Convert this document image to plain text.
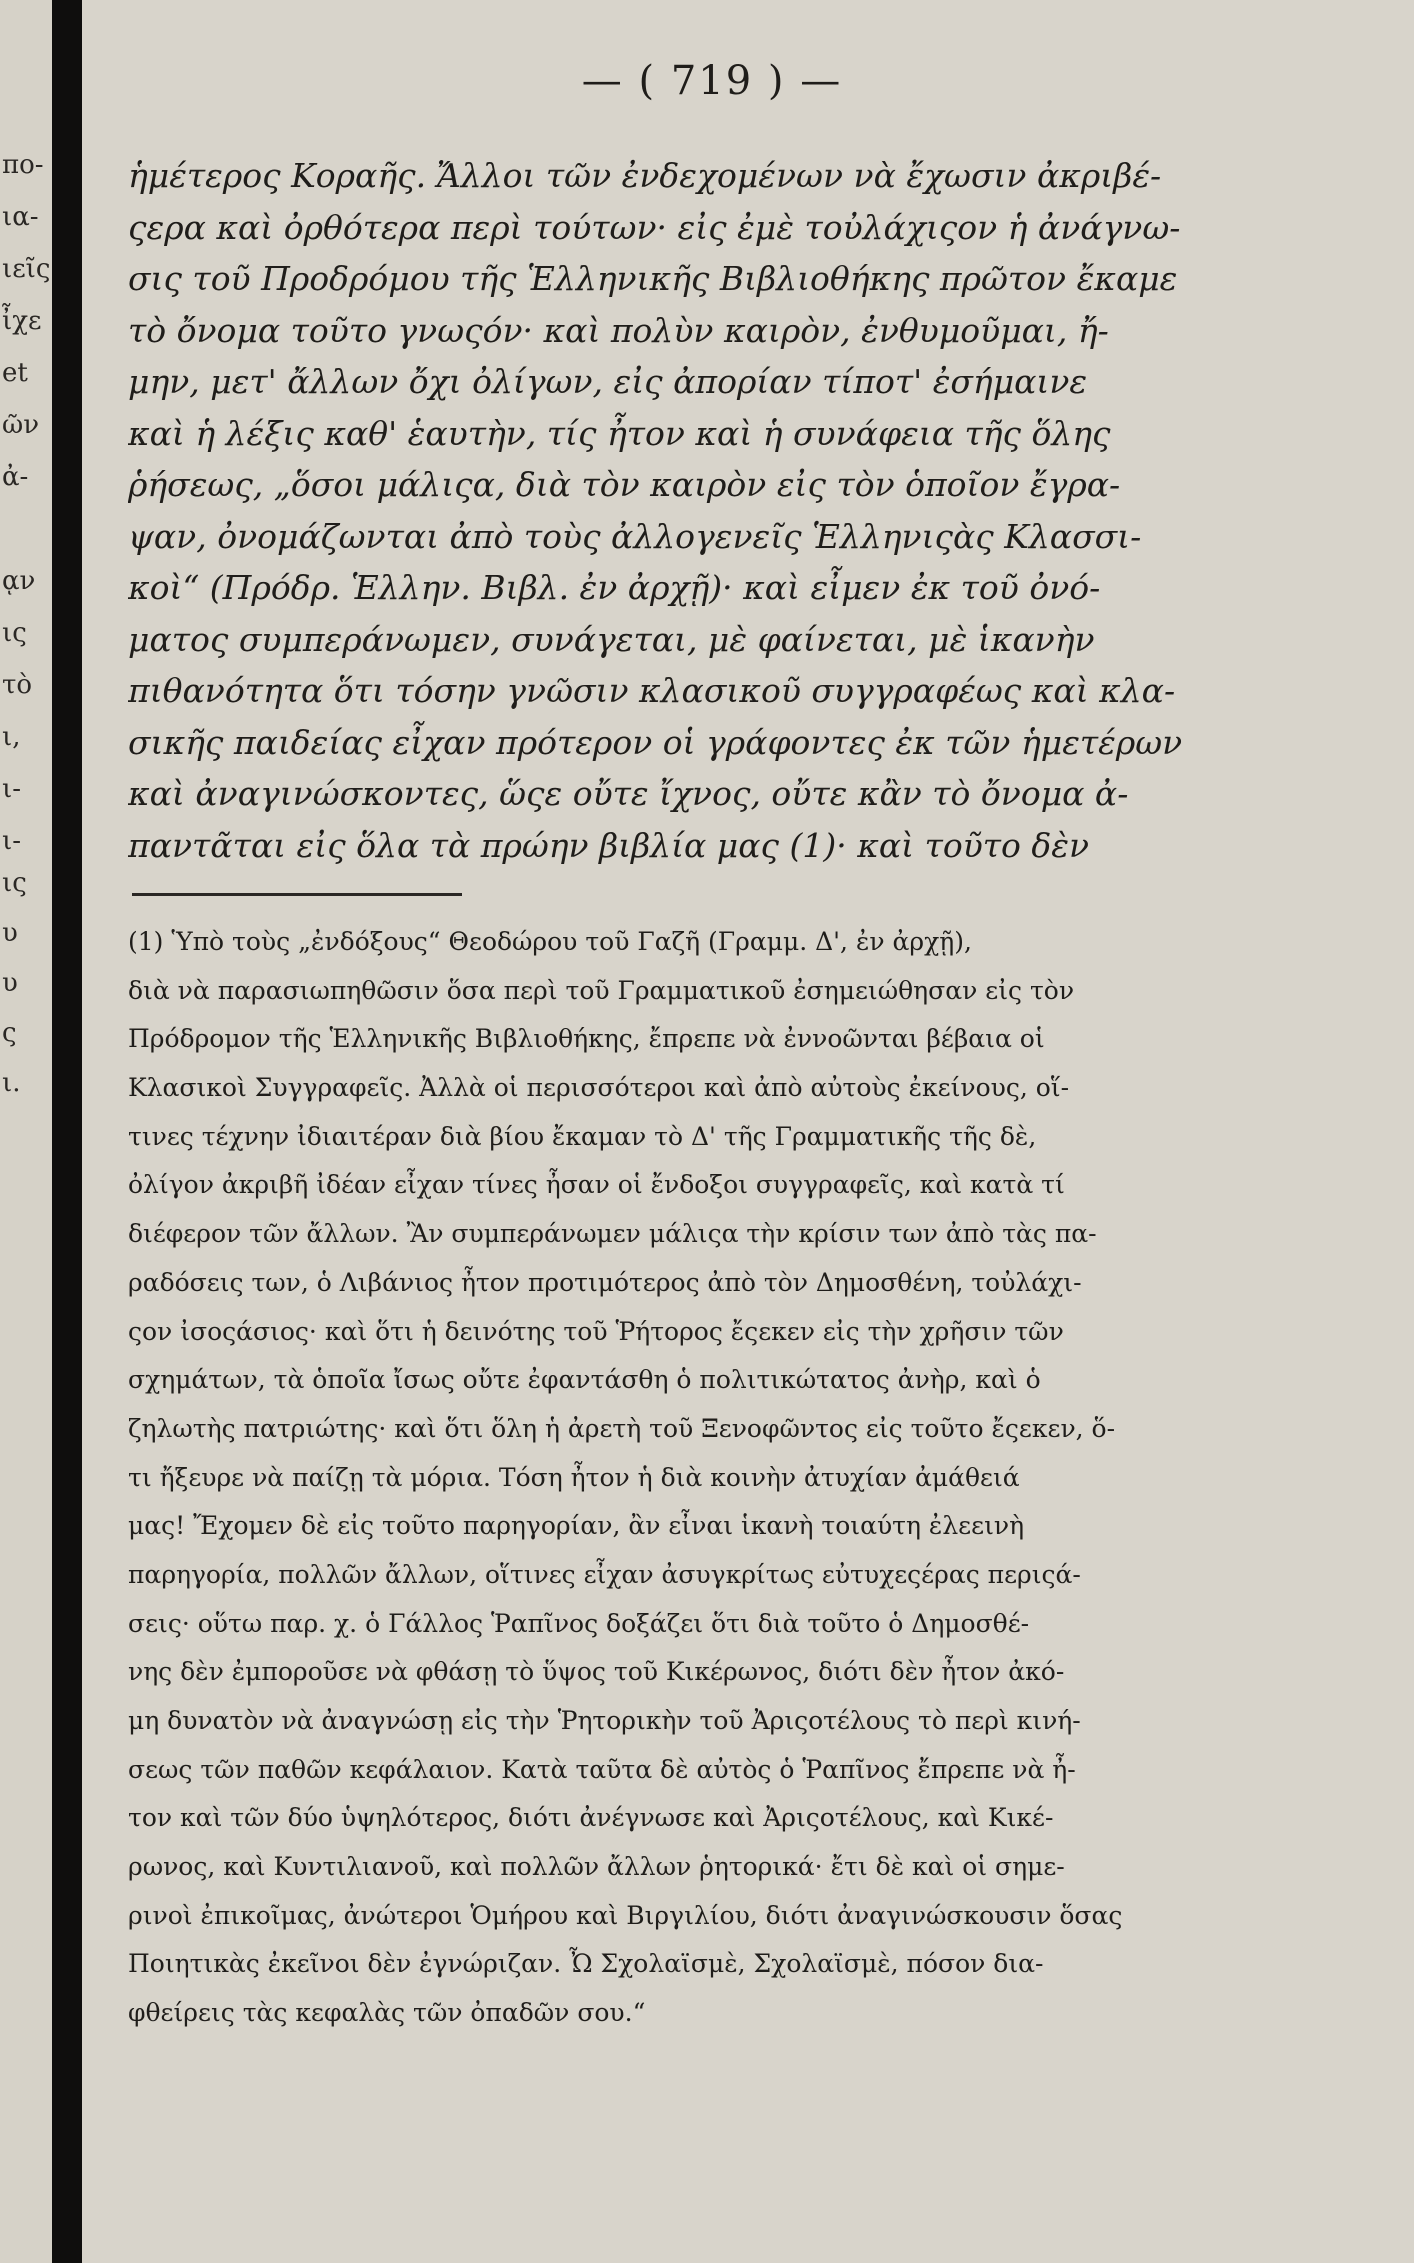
πο-
ια-
ιεῖς
ἶχε
et
ῶν
ἀ-
ᾳν
ις
τὸ
ι,
ι-
ι-
ις
υ
υ
ς
ι.
— ( 719 ) —
ἡμέτερος Κοραῆς. Ἄλλοι τῶν ἐνδεχομένων νὰ ἔχωσιν ἀκριβέ-
ςερα καὶ ὀρθότερα περὶ τούτων· εἰς ἐμὲ τοὐλάχιςον ἡ ἀνάγνω-
σις τοῦ Προδρόμου τῆς Ἑλληνικῆς Βιβλιοθήκης πρῶτον ἔκαμε
τὸ ὄνομα τοῦτο γνωςόν· καὶ πολὺν καιρὸν, ἐνθυμοῦμαι, ἤ-
μην, μετ' ἄλλων ὄχι ὀλίγων, εἰς ἀπορίαν τίποτ' ἐσήμαινε
καὶ ἡ λέξις καθ' ἑαυτὴν, τίς ἦτον καὶ ἡ συνάφεια τῆς ὅλης
ῥήσεως, „ὅσοι μάλιςα, διὰ τὸν καιρὸν εἰς τὸν ὁποῖον ἔγρα-
ψαν, ὀνομάζωνται ἀπὸ τοὺς ἀλλογενεῖς Ἑλληνιςὰς Κλασσι-
κοὶ“ (Πρόδρ. Ἑλλην. Βιβλ. ἐν ἀρχῇ)· καὶ εἶμεν ἐκ τοῦ ὀνό-
ματος συμπεράνωμεν, συνάγεται, μὲ φαίνεται, μὲ ἱκανὴν
πιθανότητα ὅτι τόσην γνῶσιν κλασικοῦ συγγραφέως καὶ κλα-
σικῆς παιδείας εἶχαν πρότερον οἱ γράφοντες ἐκ τῶν ἡμετέρων
καὶ ἀναγινώσκοντες, ὥςε οὔτε ἴχνος, οὔτε κἂν τὸ ὄνομα ἀ-
παντᾶται εἰς ὅλα τὰ πρώην βιβλία μας (1)· καὶ τοῦτο δὲν
(1) Ὑπὸ τοὺς „ἐνδόξους“ Θεοδώρου τοῦ Γαζῆ (Γραμμ. Δ', ἐν ἀρχῇ),
διὰ νὰ παρασιωπηθῶσιν ὅσα περὶ τοῦ Γραμματικοῦ ἐσημειώθησαν εἰς τὸν
Πρόδρομον τῆς Ἑλληνικῆς Βιβλιοθήκης, ἔπρεπε νὰ ἐννοῶνται βέβαια οἱ
Κλασικοὶ Συγγραφεῖς. Ἀλλὰ οἱ περισσότεροι καὶ ἀπὸ αὐτοὺς ἐκείνους, οἵ-
τινες τέχνην ἰδιαιτέραν διὰ βίου ἔκαμαν τὸ Δ' τῆς Γραμματικῆς τῆς δὲ,
ὀλίγον ἀκριβῆ ἰδέαν εἶχαν τίνες ἦσαν οἱ ἔνδοξοι συγγραφεῖς, καὶ κατὰ τί
διέφερον τῶν ἄλλων. Ἂν συμπεράνωμεν μάλιςα τὴν κρίσιν των ἀπὸ τὰς πα-
ραδόσεις των, ὁ Λιβάνιος ἦτον προτιμότερος ἀπὸ τὸν Δημοσθένη, τοὐλάχι-
ςον ἰσοςάσιος· καὶ ὅτι ἡ δεινότης τοῦ Ῥήτορος ἔςεκεν εἰς τὴν χρῆσιν τῶν
σχημάτων, τὰ ὁποῖα ἴσως οὔτε ἐφαντάσθη ὁ πολιτικώτατος ἀνὴρ, καὶ ὁ
ζηλωτὴς πατριώτης· καὶ ὅτι ὅλη ἡ ἀρετὴ τοῦ Ξενοφῶντος εἰς τοῦτο ἔςεκεν, ὅ-
τι ἤξευρε νὰ παίζῃ τὰ μόρια. Τόση ἦτον ἡ διὰ κοινὴν ἀτυχίαν ἀμάθειά
μας! Ἔχομεν δὲ εἰς τοῦτο παρηγορίαν, ἂν εἶναι ἱκανὴ τοιαύτη ἐλεεινὴ
παρηγορία, πολλῶν ἄλλων, οἵτινες εἶχαν ἀσυγκρίτως εὐτυχεςέρας περιςά-
σεις· οὕτω παρ. χ. ὁ Γάλλος Ῥαπῖνος δοξάζει ὅτι διὰ τοῦτο ὁ Δημοσθέ-
νης δὲν ἐμποροῦσε νὰ φθάσῃ τὸ ὕψος τοῦ Κικέρωνος, διότι δὲν ἦτον ἀκό-
μη δυνατὸν νὰ ἀναγνώσῃ εἰς τὴν Ῥητορικὴν τοῦ Ἀριςοτέλους τὸ περὶ κινή-
σεως τῶν παθῶν κεφάλαιον. Κατὰ ταῦτα δὲ αὐτὸς ὁ Ῥαπῖνος ἔπρεπε νὰ ἦ-
τον καὶ τῶν δύο ὑψηλότερος, διότι ἀνέγνωσε καὶ Ἀριςοτέλους, καὶ Κικέ-
ρωνος, καὶ Κυντιλιανοῦ, καὶ πολλῶν ἄλλων ῥητορικά· ἔτι δὲ καὶ οἱ σημε-
ρινοὶ ἐπικοῖμας, ἀνώτεροι Ὁμήρου καὶ Βιργιλίου, διότι ἀναγινώσκουσιν ὅσας
Ποιητικὰς ἐκεῖνοι δὲν ἐγνώριζαν. Ὦ Σχολαϊσμὲ, Σχολαϊσμὲ, πόσον δια-
φθείρεις τὰς κεφαλὰς τῶν ὀπαδῶν σου.“
